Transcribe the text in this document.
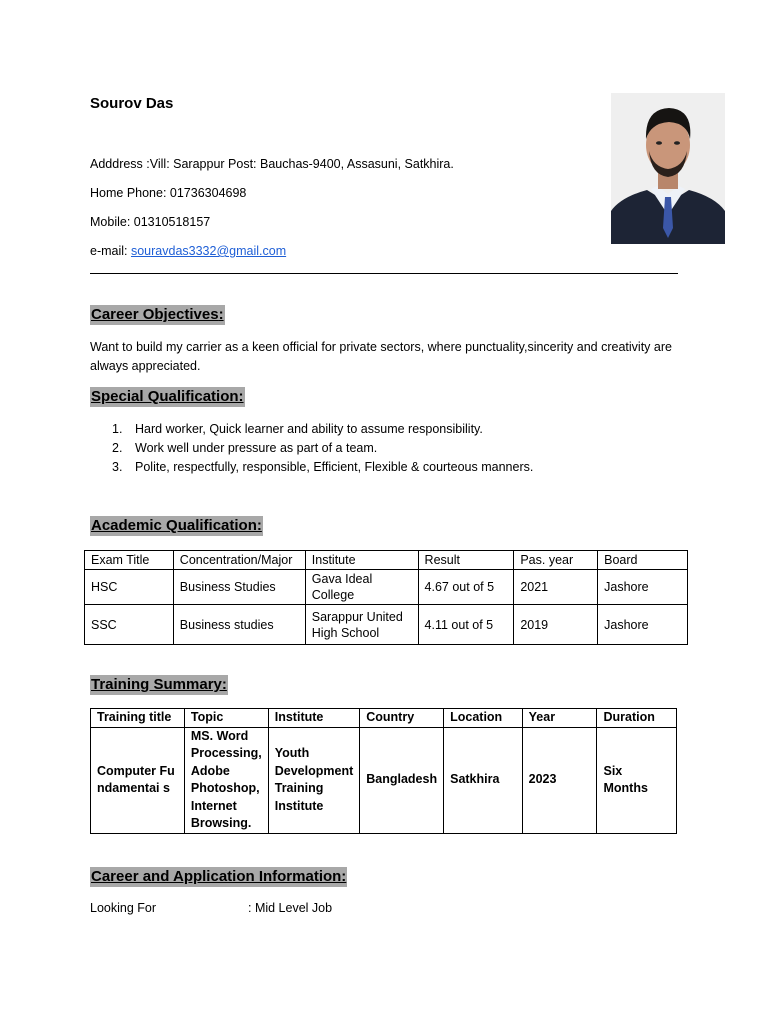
Sourov Das
Adddress :Vill: Sarappur Post: Bauchas-9400, Assasuni, Satkhira.
Home Phone: 01736304698
Mobile: 01310518157
e-mail: souravdas3332@gmail.com
Career Objectives:
Want to build my carrier as a keen official for private sectors, where punctuality,sincerity and creativity are always appreciated.
Special Qualification:
1. Hard worker, Quick learner and ability to assume responsibility.
2. Work well under pressure as part of a team.
3. Polite, respectfully, responsible, Efficient, Flexible & courteous manners.
Academic Qualification:
Exam Title	Concentration/Major	Institute	Result	Pas. year	Board
HSC	Business Studies	Gava Ideal College	4.67 out of 5	2021	Jashore
SSC	Business studies	Sarappur United High School	4.11 out of 5	2019	Jashore
Training Summary:
Training title	Topic	Institute	Country	Location	Year	Duration
Computer Fundamentai s	MS. Word Processing, Adobe Photoshop, Internet Browsing.	Youth Development Training Institute	Bangladesh	Satkhira	2023	Six Months
Career and Application Information:
Looking For	: Mid Level Job
